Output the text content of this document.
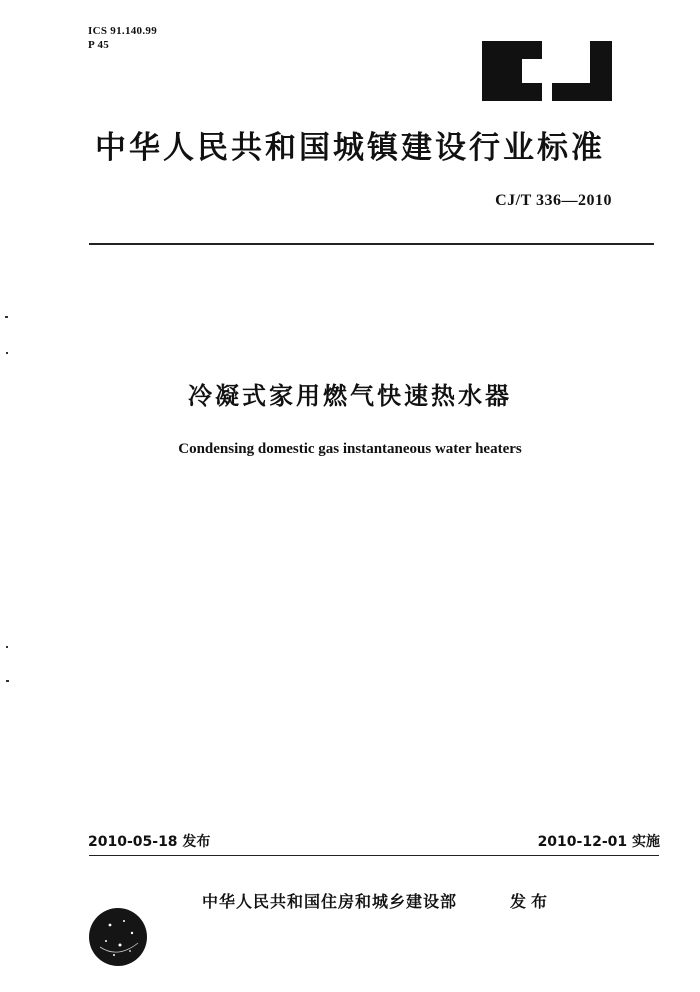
ICS 91.140.99
P 45
中华人民共和国城镇建设行业标准
CJ/T 336—2010
冷凝式家用燃气快速热水器
Condensing domestic gas instantaneous water heaters
2010-05-18 发布	2010-12-01 实施
中华人民共和国住房和城乡建设部	发布
